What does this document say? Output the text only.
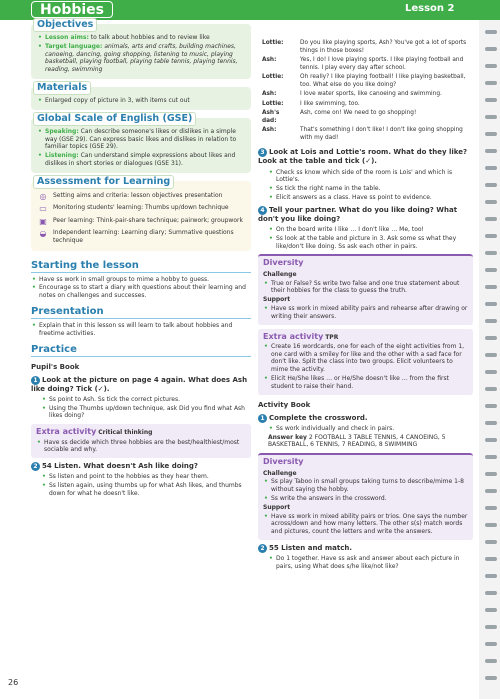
Hobbies	Lesson 2
Objectives
• Lesson aims: to talk about hobbies and to review like
• Target language: animals, arts and crafts, building machines, canoeing, dancing, going shopping, listening to music, playing basketball, playing football, playing table tennis, playing tennis, reading, swimming
Materials
• Enlarged copy of picture in 3, with items cut out
Global Scale of English (GSE)
• Speaking: Can describe someone's likes or dislikes in a simple way (GSE 29). Can express basic likes and dislikes in relation to familiar topics (GSE 29).
• Listening: Can understand simple expressions about likes and dislikes in short stories or dialogues (GSE 31).
Assessment for Learning
◎	Setting aims and criteria: lesson objectives presentation
▭	Monitoring students' learning: Thumbs up/down technique
▣	Peer learning: Think-pair-share technique; pairwork; groupwork
◒	Independent learning: Learning diary; Summative questions technique
Starting the lesson
• Have ss work in small groups to mime a hobby to guess.
• Encourage ss to start a diary with questions about their learning and notes on challenges and successes.
Presentation
• Explain that in this lesson ss will learn to talk about hobbies and freetime activities.
Practice
Pupil's Book
1 Look at the picture on page 4 again. What does Ash like doing? Tick (✓).
• Ss point to Ash. Ss tick the correct pictures.
• Using the Thumbs up/down technique, ask Did you find what Ash likes doing?
Extra activity Critical thinking
• Have ss decide which three hobbies are the best/healthiest/most sociable and why.
2 54 Listen. What doesn't Ash like doing?
• Ss listen and point to the hobbies as they hear them.
• Ss listen again, using thumbs up for what Ash likes, and thumbs down for what he doesn't like.
Lottie:	Do you like playing sports, Ash? You've got a lot of sports things in those boxes!
Ash:	Yes, I do! I love playing sports. I like playing football and tennis. I play every day after school.
Lottie:	Oh really? I like playing football! I like playing basketball, too. What else do you like doing?
Ash:	I love water sports, like canoeing and swimming.
Lottie:	I like swimming, too.
Ash's dad:	Ash, come on! We need to go shopping!
Ash:	That's something I don't like! I don't like going shopping with my dad!
3 Look at Lois and Lottie's room. What do they like? Look at the table and tick (✓).
• Check ss know which side of the room is Lois' and which is Lottie's.
• Ss tick the right name in the table.
• Elicit answers as a class. Have ss point to evidence.
4 Tell your partner. What do you like doing? What don't you like doing?
• On the board write I like … I don't like … Me, too!
• Ss look at the table and picture in 3. Ask some ss what they like/don't like doing. Ss ask each other in pairs.
Diversity
Challenge
• True or False? Ss write two false and one true statement about their hobbies for the class to guess the truth.
Support
• Have ss work in mixed ability pairs and rehearse after drawing or writing their answers.
Extra activity TPR
• Create 16 wordcards, one for each of the eight activities from 1, one card with a smiley for like and the other with a sad face for don't like. Split the class into two groups. Elicit volunteers to mime the activity.
• Elicit He/She likes … or He/She doesn't like … from the first student to raise their hand.
Activity Book
1 Complete the crossword.
• Ss work individually and check in pairs.
Answer key 2 FOOTBALL 3 TABLE TENNIS, 4 CANOEING, 5 BASKETBALL, 6 TENNIS, 7 READING, 8 SWIMMING
Diversity
Challenge
• Ss play Taboo in small groups taking turns to describe/mime 1-8 without saying the hobby.
• Ss write the answers in the crossword.
Support
• Have ss work in mixed ability pairs or trios. One says the number across/down and how many letters. The other s(s) match words and pictures, count the letters and write the answers.
2 55 Listen and match.
• Do 1 together. Have ss ask and answer about each picture in pairs, using What does s/he like/not like?
26
